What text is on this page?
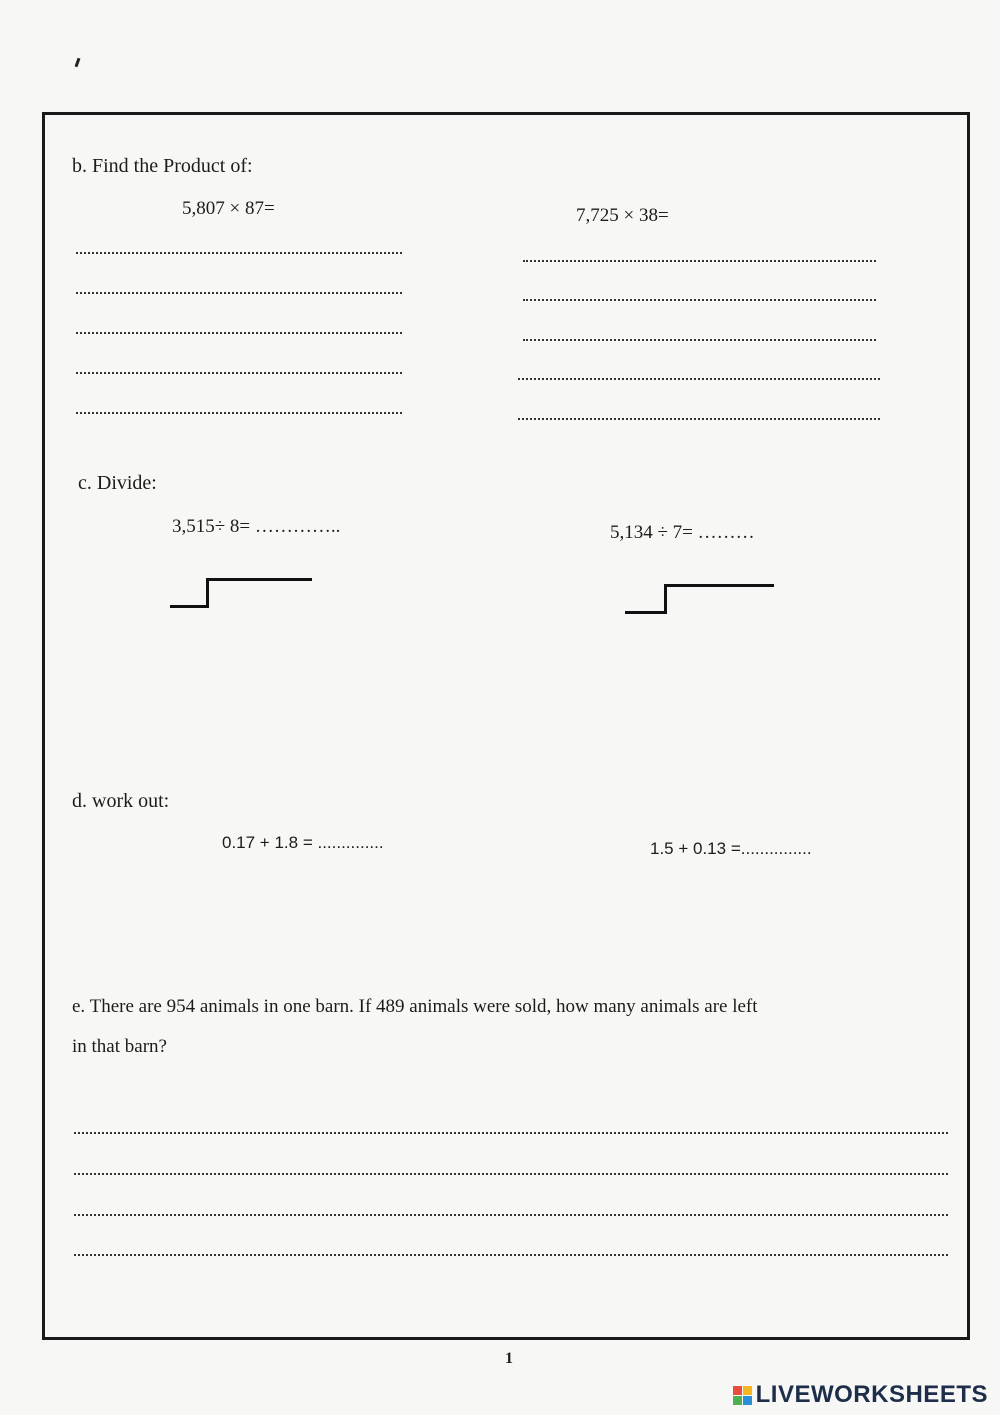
b. Find the Product of:
5,807 × 87=	7,725 × 38=
c. Divide:
3,515÷ 8= …………..	5,134 ÷ 7= ………
d. work out:
0.17 + 1.8 = ..............	1.5 + 0.13 =...............
e. There are 954 animals in one barn. If 489 animals were sold, how many animals are left
in that barn?
1
LIVEWORKSHEETS
